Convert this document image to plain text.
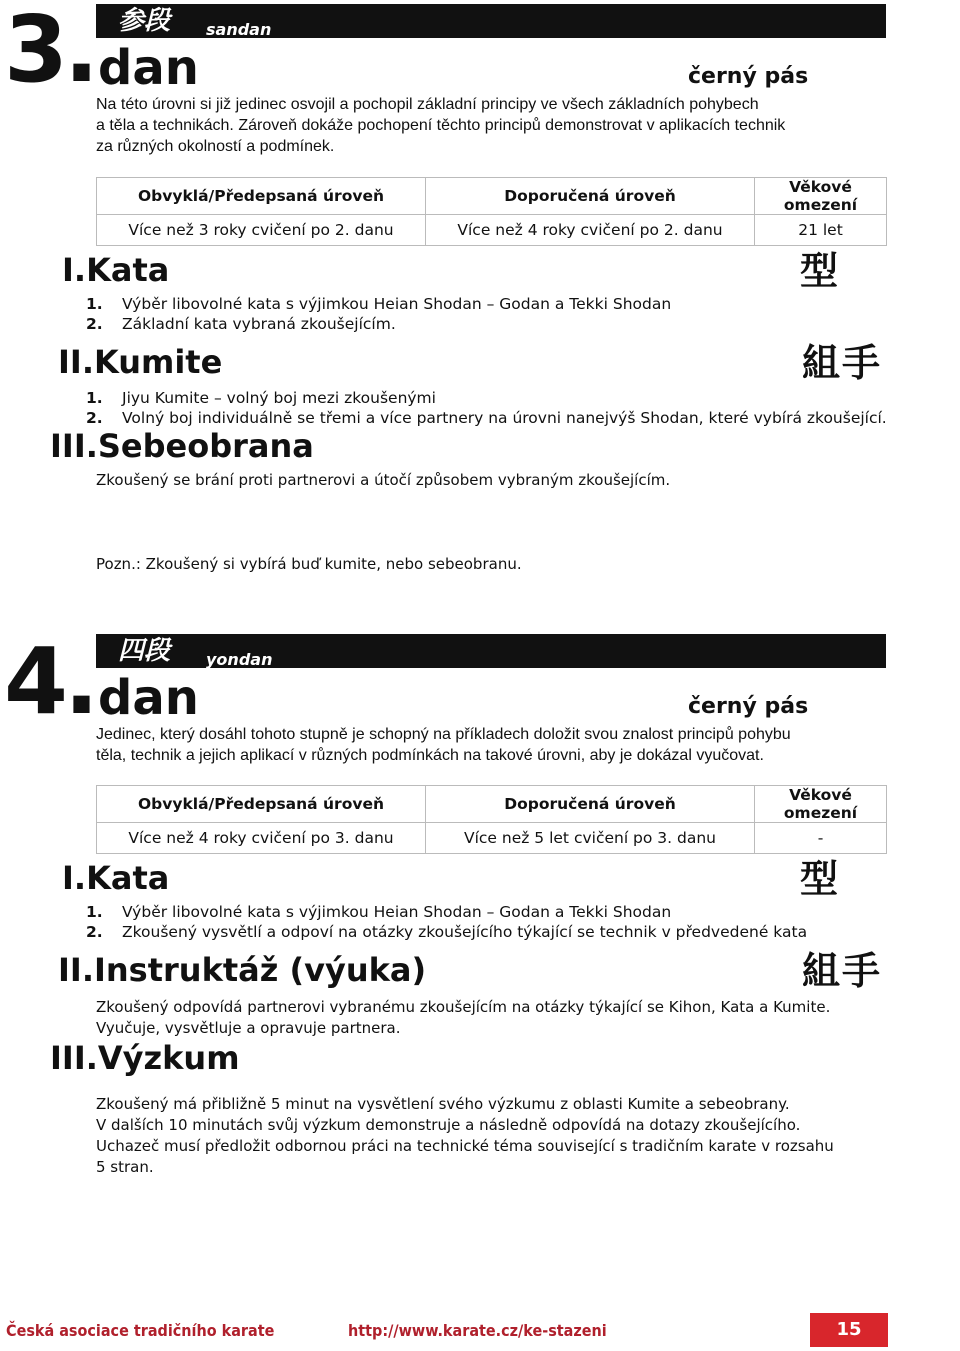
3. 参段 sandan
dan	černý pás
Na této úrovni si již jedinec osvojil a pochopil základní principy ve všech základních pohybech
a těla a technikách. Zároveň dokáže pochopení těchto principů demonstrovat v aplikacích technik
za různých okolností a podmínek.
Obvyklá/Předepsaná úroveň	Doporučená úroveň	Věkové omezení
Více než 3 roky cvičení po 2. danu	Více než 4 roky cvičení po 2. danu	21 let
I.Kata	型
1. Výběr libovolné kata s výjimkou Heian Shodan – Godan a Tekki Shodan
2. Základní kata vybraná zkoušejícím.
II.Kumite	組手
1. Jiyu Kumite – volný boj mezi zkoušenými
2. Volný boj individuálně se třemi a více partnery na úrovni nanejvýš Shodan, které vybírá zkoušející.
III.Sebeobrana
Zkoušený se brání proti partnerovi a útočí způsobem vybraným zkoušejícím.
Pozn.: Zkoušený si vybírá buď kumite, nebo sebeobranu.
4. 四段 yondan
dan	černý pás
Jedinec, který dosáhl tohoto stupně je schopný na příkladech doložit svou znalost principů pohybu
těla, technik a jejich aplikací v různých podmínkách na takové úrovni, aby je dokázal vyučovat.
Obvyklá/Předepsaná úroveň	Doporučená úroveň	Věkové omezení
Více než 4 roky cvičení po 3. danu	Více než 5 let cvičení po 3. danu	-
I.Kata	型
1. Výběr libovolné kata s výjimkou Heian Shodan – Godan a Tekki Shodan
2. Zkoušený vysvětlí a odpoví na otázky zkoušejícího týkající se technik v předvedené kata
II.Instruktáž (výuka)	組手
Zkoušený odpovídá partnerovi vybranému zkoušejícím na otázky týkající se Kihon, Kata a Kumite.
Vyučuje, vysvětluje a opravuje partnera.
III.Výzkum
Zkoušený má přibližně 5 minut na vysvětlení svého výzkumu z oblasti Kumite a sebeobrany.
V dalších 10 minutách svůj výzkum demonstruje a následně odpovídá na dotazy zkoušejícího.
Uchazeč musí předložit odbornou práci na technické téma související s tradičním karate v rozsahu
5 stran.
Česká asociace tradičního karate	http://www.karate.cz/ke-stazeni	15
